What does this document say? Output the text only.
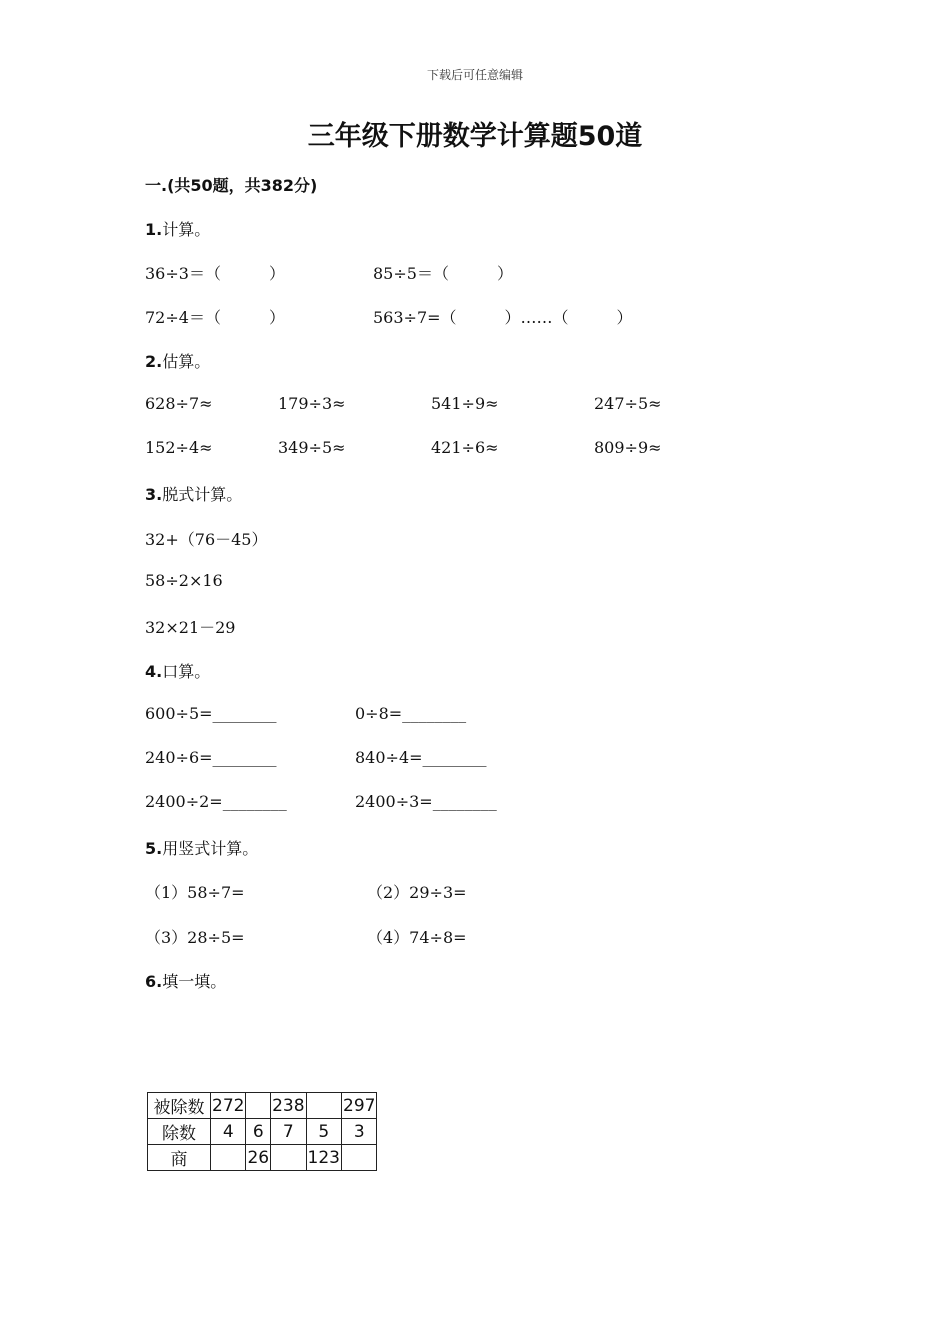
下载后可任意编辑
三年级下册数学计算题50道
一.(共50题，共382分)
1.计算。
36÷3＝（　　　）	85÷5＝（　　　）
72÷4＝（　　　）	563÷7=（　　　）……（　　　）
2.估算。
628÷7≈	179÷3≈	541÷9≈	247÷5≈
152÷4≈	349÷5≈	421÷6≈	809÷9≈
3.脱式计算。
32+（76－45）
58÷2×16
32×21－29
4.口算。
600÷5=________	0÷8=________
240÷6=________	840÷4=________
2400÷2=________	2400÷3=________
5.用竖式计算。
（1）58÷7=	（2）29÷3=
（3）28÷5=	（4）74÷8=
6.填一填。
被除数	272		238		297
除数	4	6	7	5	3
商		26		123	
